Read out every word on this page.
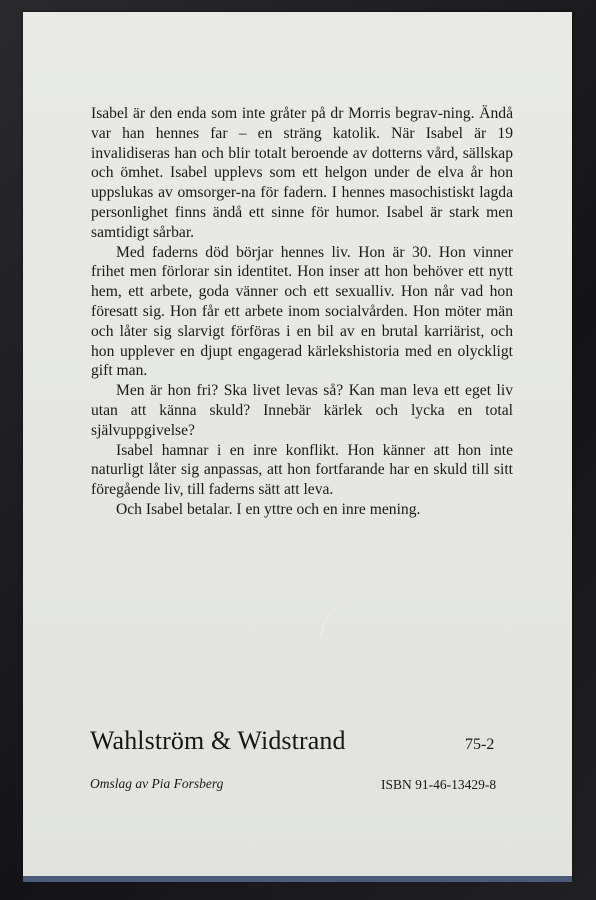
Isabel är den enda som inte gråter på dr Morris begrav-ning. Ändå var han hennes far – en sträng katolik. När Isabel är 19 invalidiseras han och blir totalt beroende av dotterns vård, sällskap och ömhet. Isabel upplevs som ett helgon under de elva år hon uppslukas av omsorger-na för fadern. I hennes masochistiskt lagda personlighet finns ändå ett sinne för humor. Isabel är stark men samtidigt sårbar.

Med faderns död börjar hennes liv. Hon är 30. Hon vinner frihet men förlorar sin identitet. Hon inser att hon behöver ett nytt hem, ett arbete, goda vänner och ett sexualliv. Hon når vad hon föresatt sig. Hon får ett arbete inom socialvården. Hon möter män och låter sig slarvigt förföras i en bil av en brutal karriärist, och hon upplever en djupt engagerad kärlekshistoria med en olyckligt gift man.

Men är hon fri? Ska livet levas så? Kan man leva ett eget liv utan att känna skuld? Innebär kärlek och lycka en total självuppgivelse?

Isabel hamnar i en inre konflikt. Hon känner att hon inte naturligt låter sig anpassas, att hon fortfarande har en skuld till sitt föregående liv, till faderns sätt att leva.

Och Isabel betalar. I en yttre och en inre mening.

Wahlström & Widstrand	75-2
Omslag av Pia Forsberg	ISBN 91-46-13429-8
